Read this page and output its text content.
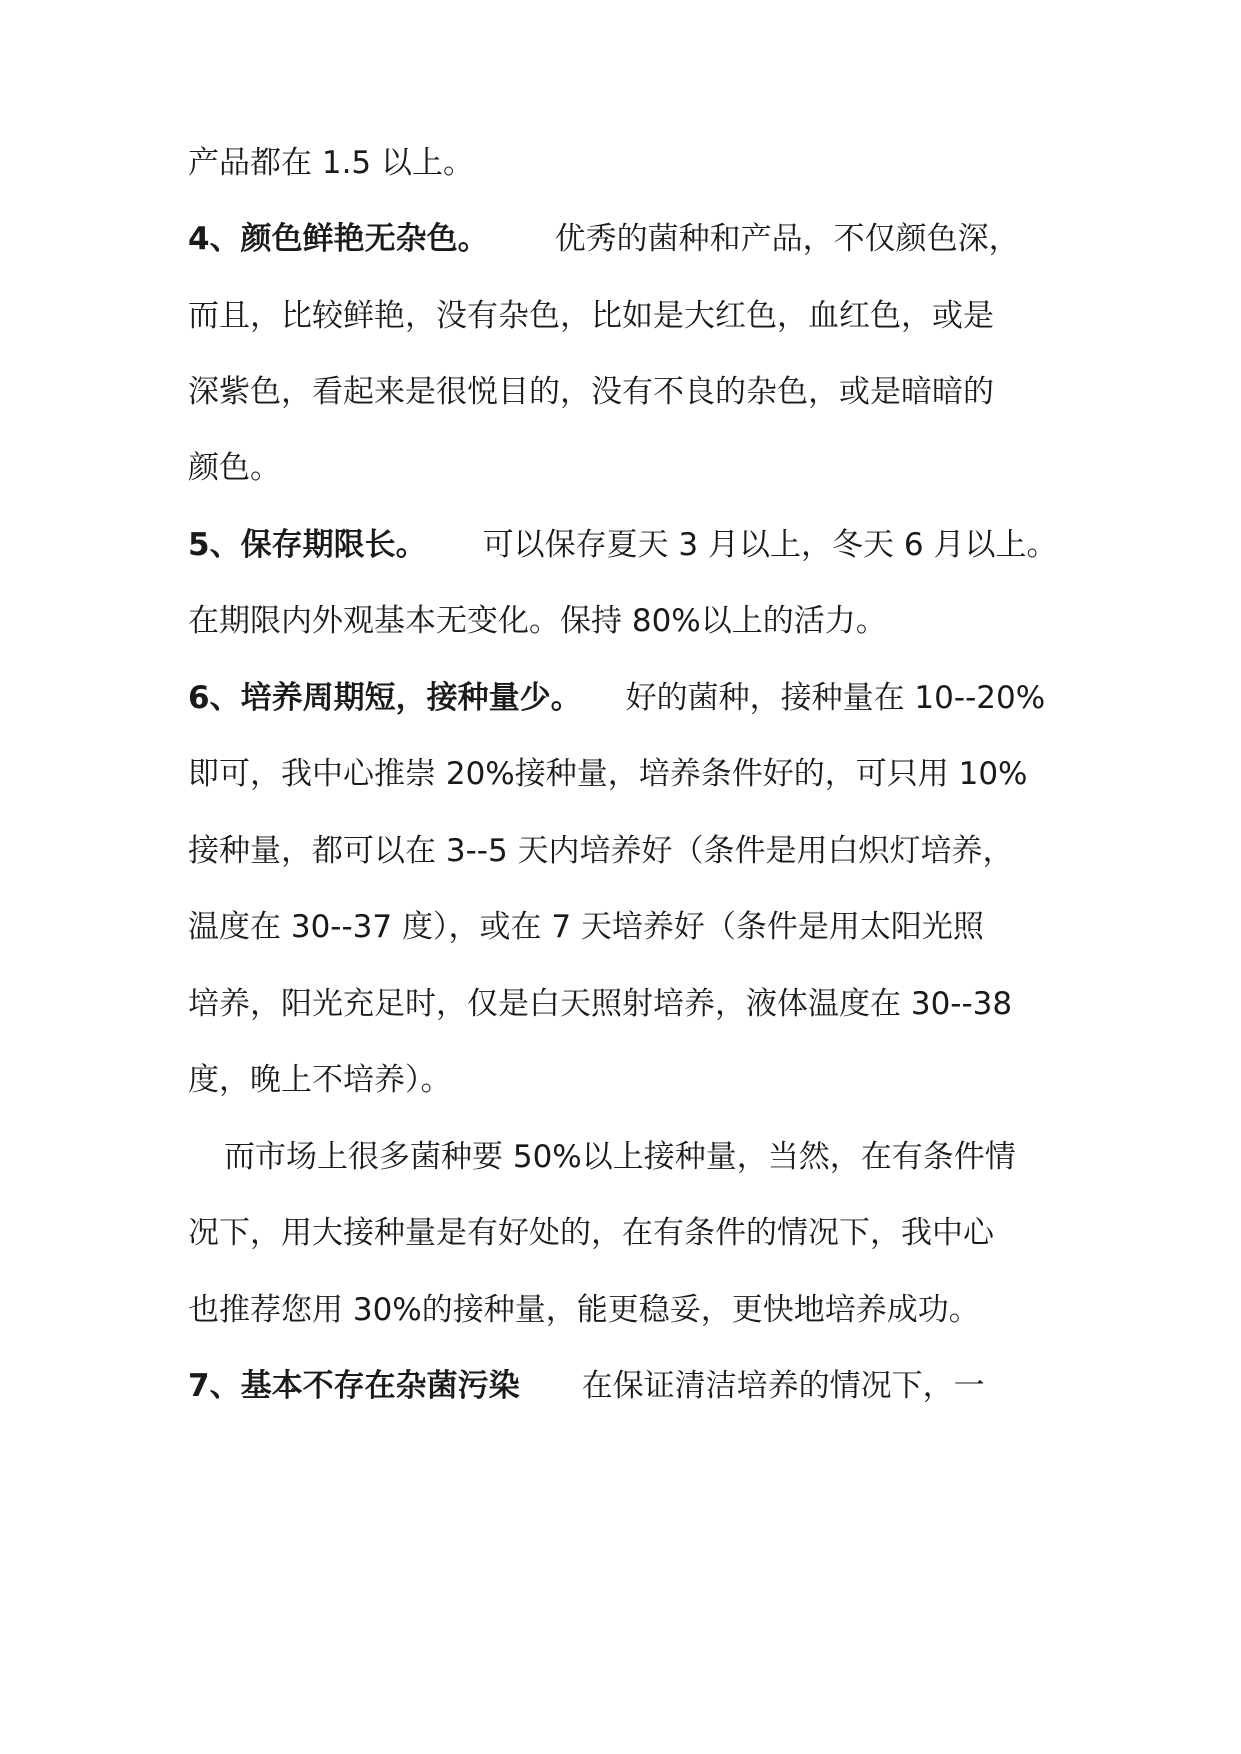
产品都在 1.5 以上。
4、颜色鲜艳无杂色。 优秀的菌种和产品，不仅颜色深，
而且，比较鲜艳，没有杂色，比如是大红色，血红色，或是
深紫色，看起来是很悦目的，没有不良的杂色，或是暗暗的
颜色。
5、保存期限长。 可以保存夏天 3 月以上，冬天 6 月以上。
在期限内外观基本无变化。保持 80%以上的活力。
6、培养周期短，接种量少。 好的菌种，接种量在 10--20%
即可，我中心推崇 20%接种量，培养条件好的，可只用 10%
接种量，都可以在 3--5 天内培养好（条件是用白炽灯培养，
温度在 30--37 度），或在 7 天培养好（条件是用太阳光照
培养，阳光充足时，仅是白天照射培养，液体温度在 30--38
度，晚上不培养）。
而市场上很多菌种要 50%以上接种量，当然，在有条件情
况下，用大接种量是有好处的，在有条件的情况下，我中心
也推荐您用 30%的接种量，能更稳妥，更快地培养成功。
7、基本不存在杂菌污染 在保证清洁培养的情况下，一
